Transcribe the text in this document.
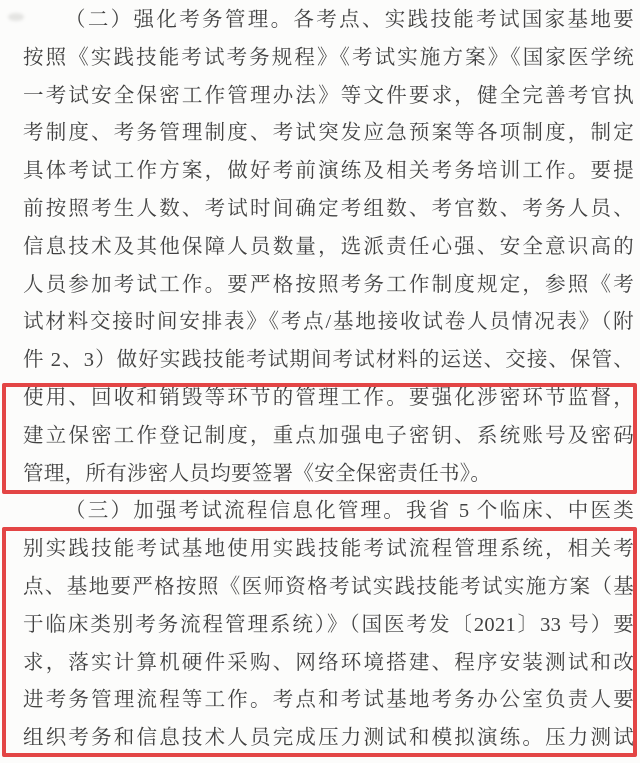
（二）强化考务管理。各考点、实践技能考试国家基地要
按照《实践技能考试考务规程》《考试实施方案》《国家医学统
一考试安全保密工作管理办法》等文件要求，健全完善考官执
考制度、考务管理制度、考试突发应急预案等各项制度，制定
具体考试工作方案，做好考前演练及相关考务培训工作。要提
前按照考生人数、考试时间确定考组数、考官数、考务人员、
信息技术及其他保障人员数量，选派责任心强、安全意识高的
人员参加考试工作。要严格按照考务工作制度规定，参照《考
试材料交接时间安排表》《考点/基地接收试卷人员情况表》（附
件 2、3）做好实践技能考试期间考试材料的运送、交接、保管、
使用、回收和销毁等环节的管理工作。要强化涉密环节监督，
建立保密工作登记制度，重点加强电子密钥、系统账号及密码
管理，所有涉密人员均要签署《安全保密责任书》。
（三）加强考试流程信息化管理。我省 5 个临床、中医类
别实践技能考试基地使用实践技能考试流程管理系统，相关考
点、基地要严格按照《医师资格考试实践技能考试实施方案（基
于临床类别考务流程管理系统）》（国医考发〔2021〕33 号）要
求，落实计算机硬件采购、网络环境搭建、程序安装测试和改
进考务管理流程等工作。考点和考试基地考务办公室负责人要
组织考务和信息技术人员完成压力测试和模拟演练。压力测试
